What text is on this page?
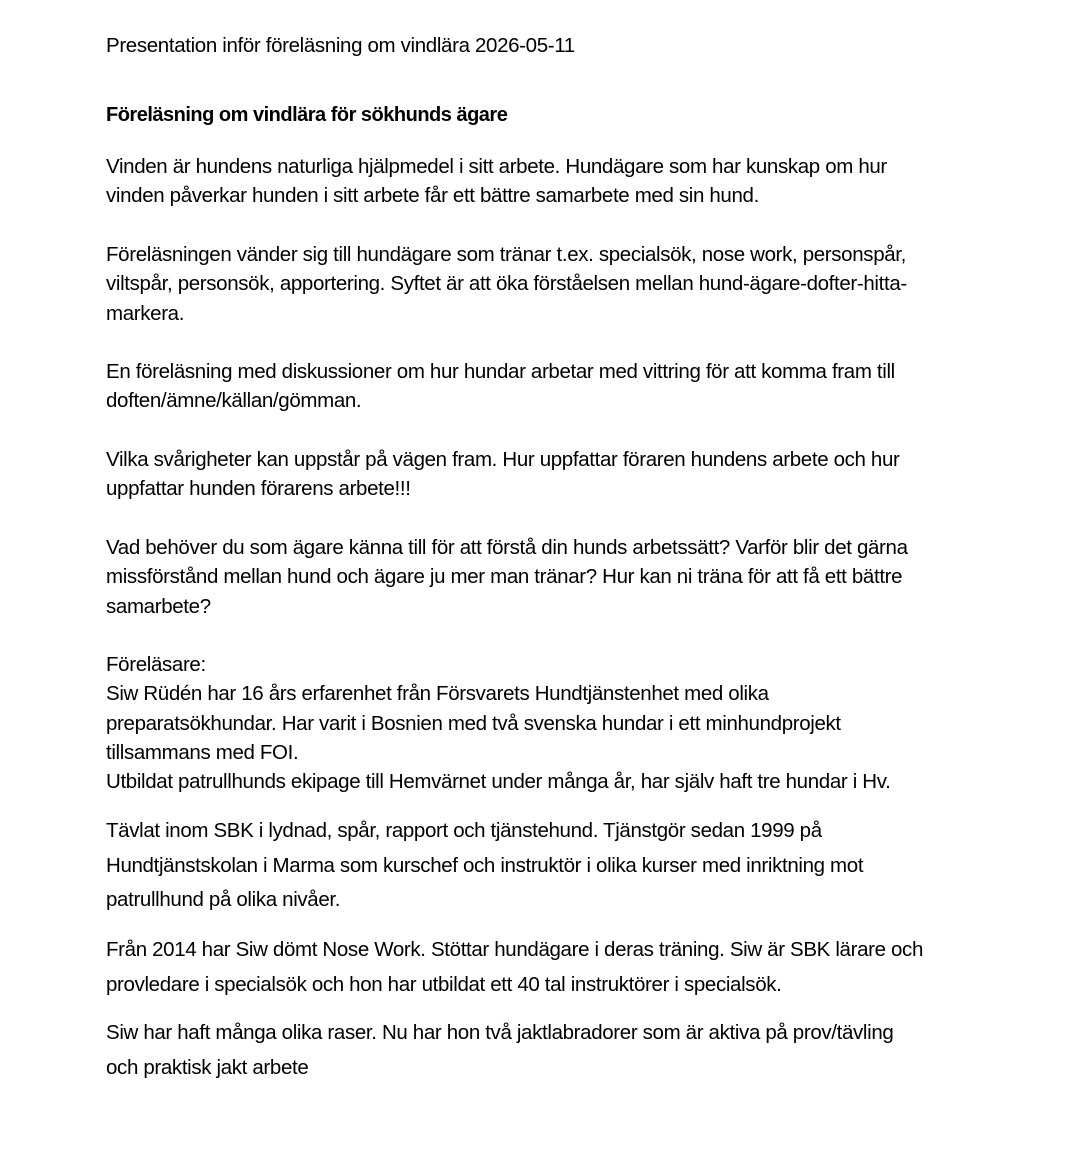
Presentation inför föreläsning om vindlära 2026-05-11
Föreläsning om vindlära för sökhunds ägare
Vinden är hundens naturliga hjälpmedel i sitt arbete. Hundägare som har kunskap om hur
vinden påverkar hunden i sitt arbete får ett bättre samarbete med sin hund.
Föreläsningen vänder sig till hundägare som tränar t.ex. specialsök, nose work, personspår,
viltspår, personsök, apportering. Syftet är att öka förståelsen mellan hund-ägare-dofter-hitta-
markera.
En föreläsning med diskussioner om hur hundar arbetar med vittring för att komma fram till
doften/ämne/källan/gömman.
Vilka svårigheter kan uppstår på vägen fram. Hur uppfattar föraren hundens arbete och hur
uppfattar hunden förarens arbete!!!
Vad behöver du som ägare känna till för att förstå din hunds arbetssätt? Varför blir det gärna
missförstånd mellan hund och ägare ju mer man tränar? Hur kan ni träna för att få ett bättre
samarbete?
Föreläsare:
Siw Rüdén har 16 års erfarenhet från Försvarets Hundtjänstenhet med olika
preparatsökhundar. Har varit i Bosnien med två svenska hundar i ett minhundprojekt
tillsammans med FOI.
Utbildat patrullhunds ekipage till Hemvärnet under många år, har själv haft tre hundar i Hv.
Tävlat inom SBK i lydnad, spår, rapport och tjänstehund. Tjänstgör sedan 1999 på
Hundtjänstskolan i Marma som kurschef och instruktör i olika kurser med inriktning mot
patrullhund på olika nivåer.
Från 2014 har Siw dömt Nose Work. Stöttar hundägare i deras träning. Siw är SBK lärare och
provledare i specialsök och hon har utbildat ett 40 tal instruktörer i specialsök.
Siw har haft många olika raser. Nu har hon två jaktlabradorer som är aktiva på prov/tävling
och praktisk jakt arbete
